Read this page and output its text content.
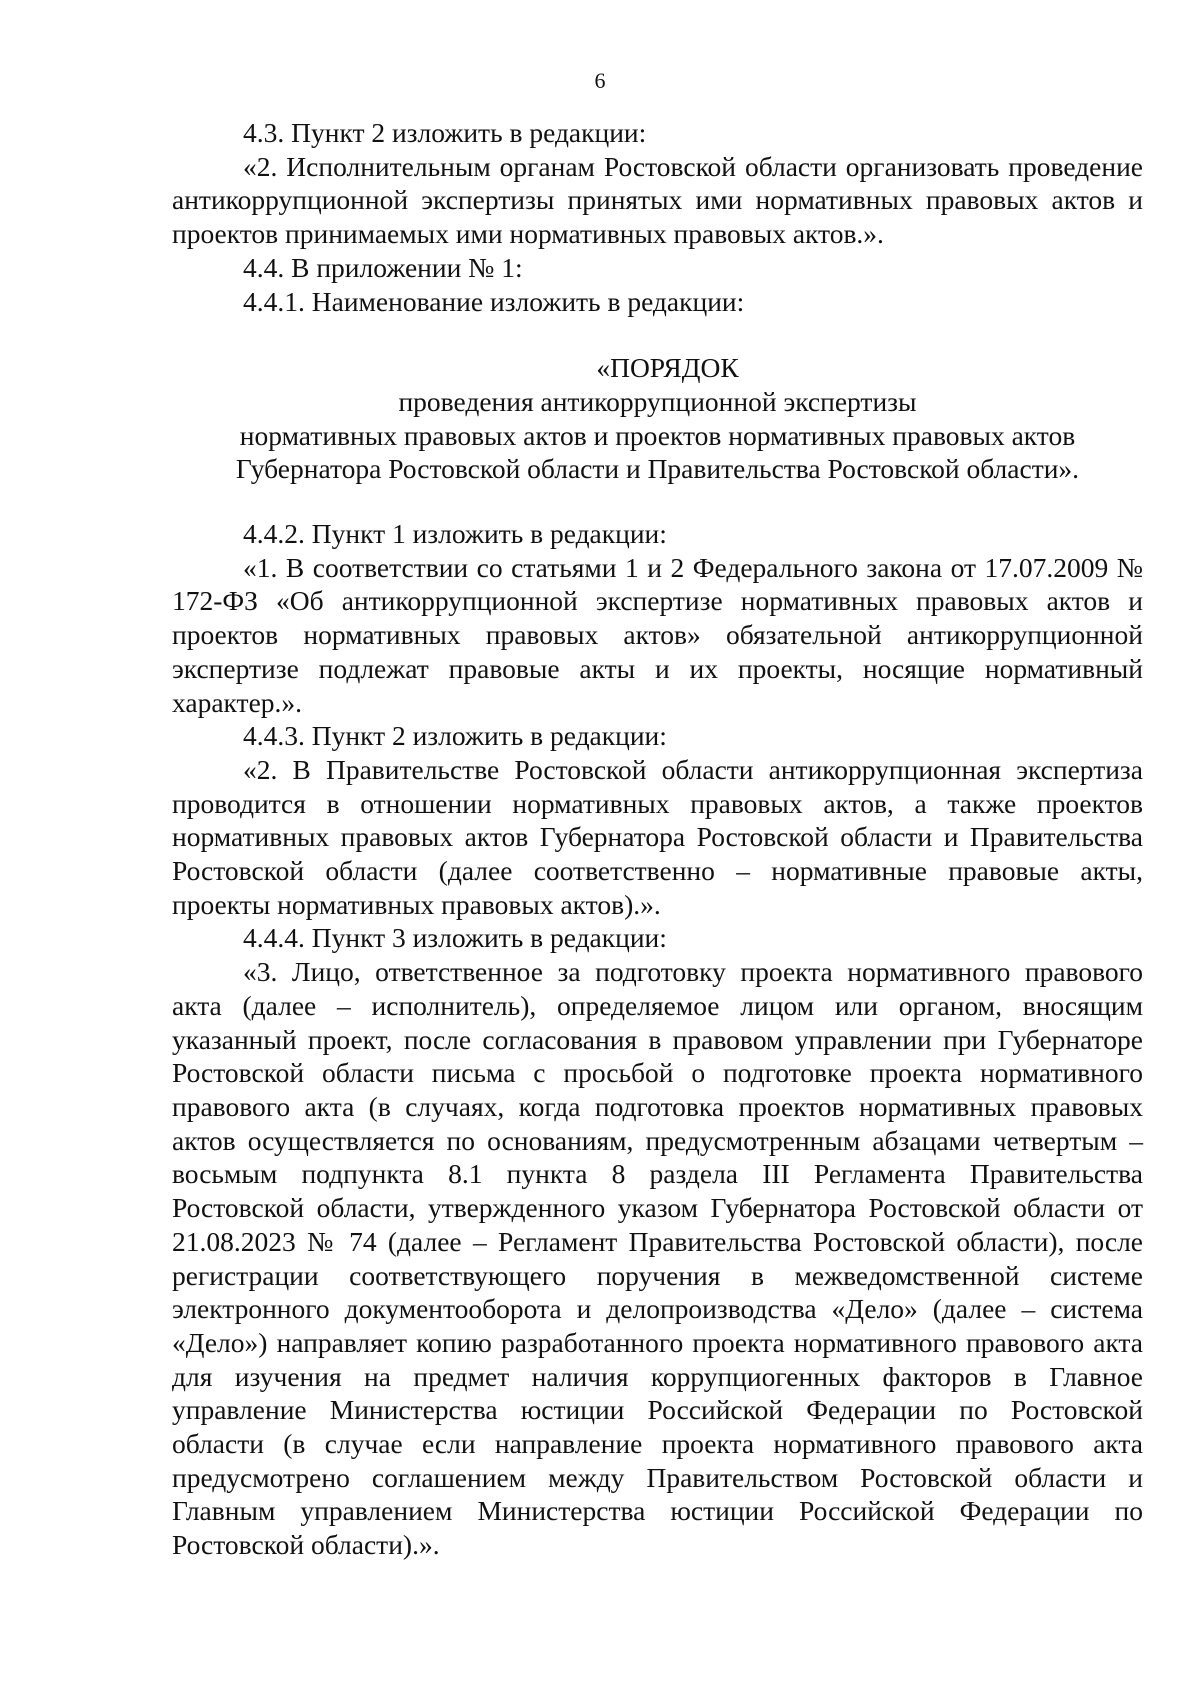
6

4.3. Пункт 2 изложить в редакции:

«2. Исполнительным органам Ростовской области организовать проведение антикоррупционной экспертизы принятых ими нормативных правовых актов и проектов принимаемых ими нормативных правовых актов.».

4.4. В приложении № 1:

4.4.1. Наименование изложить в редакции:

«ПОРЯДОК
проведения антикоррупционной экспертизы
нормативных правовых актов и проектов нормативных правовых актов
Губернатора Ростовской области и Правительства Ростовской области».

4.4.2. Пункт 1 изложить в редакции:

«1. В соответствии со статьями 1 и 2 Федерального закона от 17.07.2009 № 172-ФЗ «Об антикоррупционной экспертизе нормативных правовых актов и проектов нормативных правовых актов» обязательной антикоррупционной экспертизе подлежат правовые акты и их проекты, носящие нормативный характер.».

4.4.3. Пункт 2 изложить в редакции:

«2. В Правительстве Ростовской области антикоррупционная экспертиза проводится в отношении нормативных правовых актов, а также проектов нормативных правовых актов Губернатора Ростовской области и Правительства Ростовской области (далее соответственно – нормативные правовые акты, проекты нормативных правовых актов).».

4.4.4. Пункт 3 изложить в редакции:

«3. Лицо, ответственное за подготовку проекта нормативного правового акта (далее – исполнитель), определяемое лицом или органом, вносящим указанный проект, после согласования в правовом управлении при Губернаторе Ростовской области письма с просьбой о подготовке проекта нормативного правового акта (в случаях, когда подготовка проектов нормативных правовых актов осуществляется по основаниям, предусмотренным абзацами четвертым – восьмым подпункта 8.1 пункта 8 раздела III Регламента Правительства Ростовской области, утвержденного указом Губернатора Ростовской области от 21.08.2023 № 74 (далее – Регламент Правительства Ростовской области), после регистрации соответствующего поручения в межведомственной системе электронного документооборота и делопроизводства «Дело» (далее – система «Дело») направляет копию разработанного проекта нормативного правового акта для изучения на предмет наличия коррупциогенных факторов в Главное управление Министерства юстиции Российской Федерации по Ростовской области (в случае если направление проекта нормативного правового акта предусмотрено соглашением между Правительством Ростовской области и Главным управлением Министерства юстиции Российской Федерации по Ростовской области).».
